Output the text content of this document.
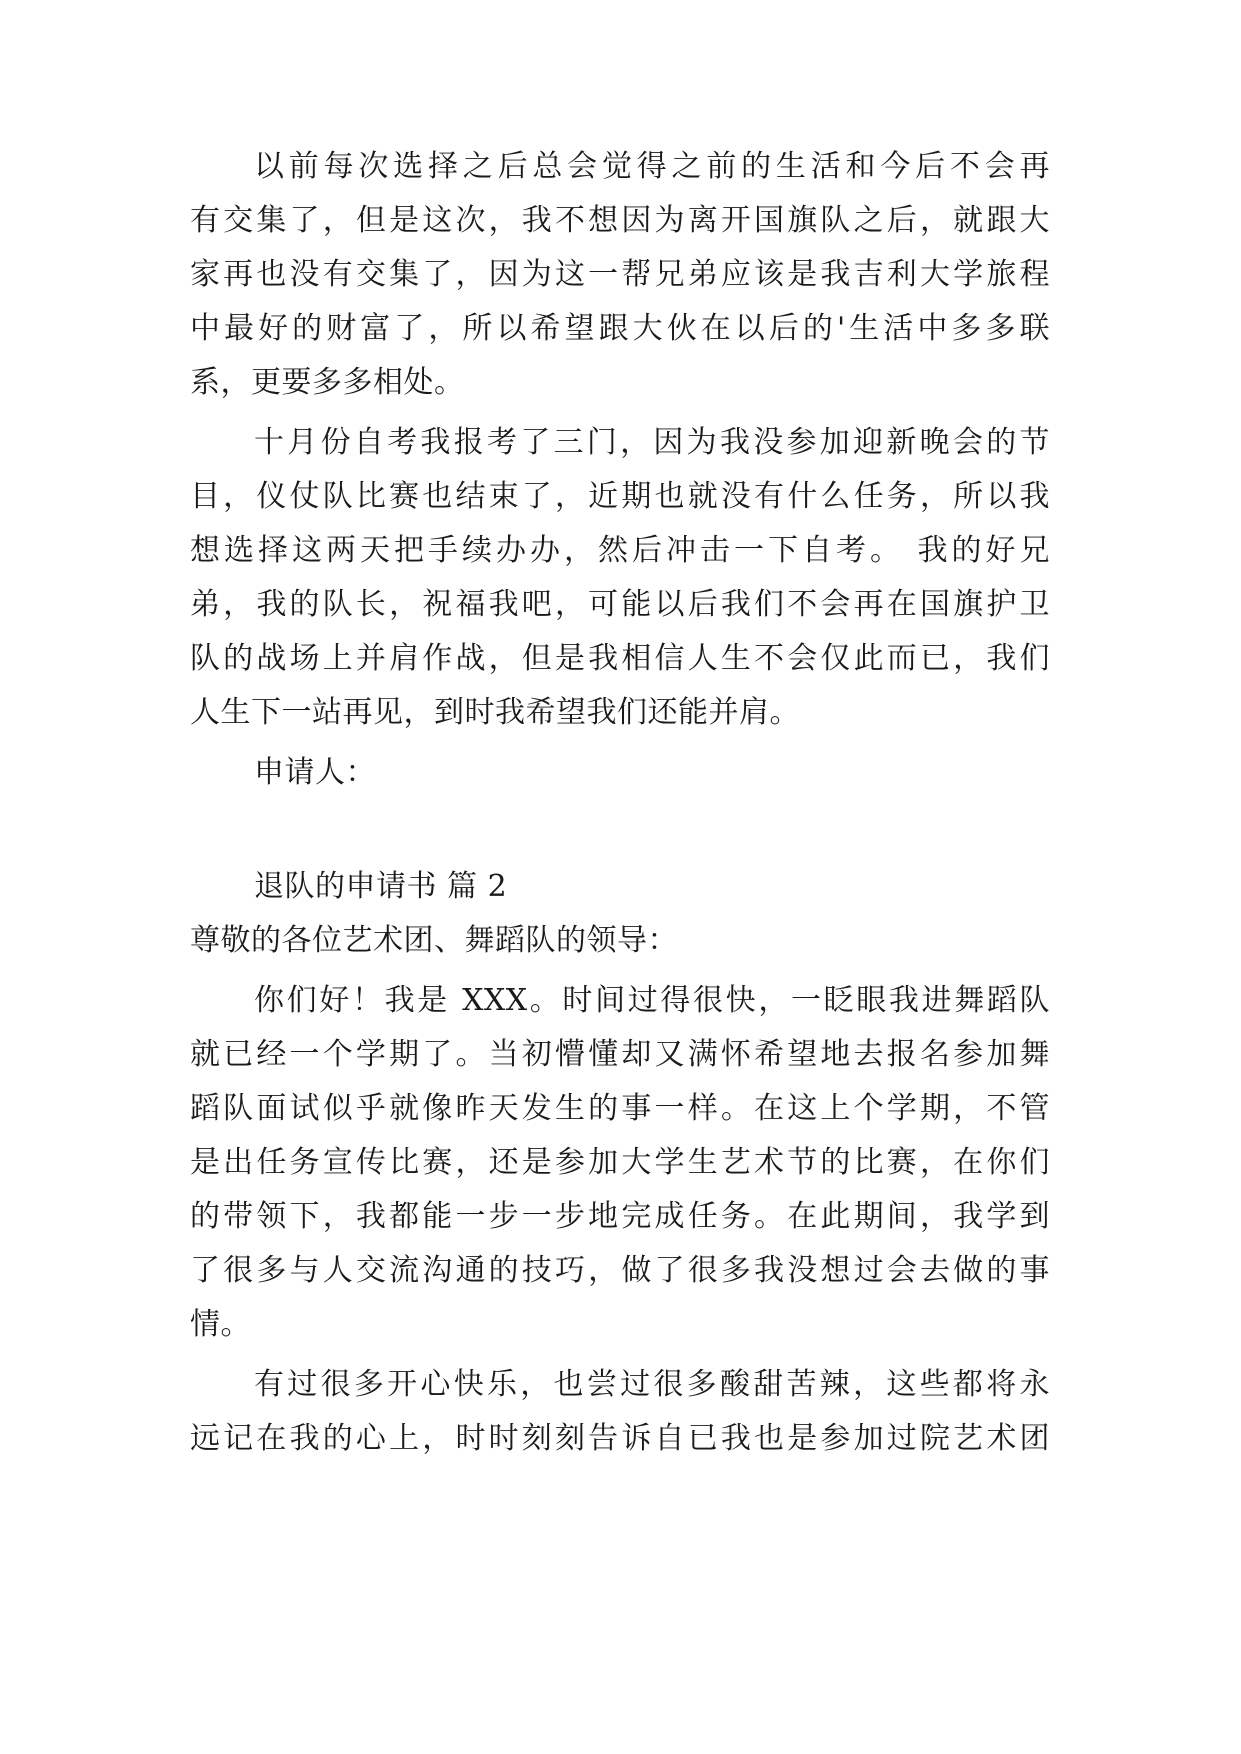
以前每次选择之后总会觉得之前的生活和今后不会再
有交集了，但是这次，我不想因为离开国旗队之后，就跟大
家再也没有交集了，因为这一帮兄弟应该是我吉利大学旅程
中最好的财富了，所以希望跟大伙在以后的'生活中多多联
系，更要多多相处。
十月份自考我报考了三门，因为我没参加迎新晚会的节
目，仪仗队比赛也结束了，近期也就没有什么任务，所以我
想选择这两天把手续办办，然后冲击一下自考。 我的好兄
弟，我的队长，祝福我吧，可能以后我们不会再在国旗护卫
队的战场上并肩作战，但是我相信人生不会仅此而已，我们
人生下一站再见，到时我希望我们还能并肩。
申请人：
退队的申请书 篇 2
尊敬的各位艺术团、舞蹈队的领导：
你们好！我是 XXX。时间过得很快，一眨眼我进舞蹈队
就已经一个学期了。当初懵懂却又满怀希望地去报名参加舞
蹈队面试似乎就像昨天发生的事一样。在这上个学期，不管
是出任务宣传比赛，还是参加大学生艺术节的比赛，在你们
的带领下，我都能一步一步地完成任务。在此期间，我学到
了很多与人交流沟通的技巧，做了很多我没想过会去做的事
情。
有过很多开心快乐，也尝过很多酸甜苦辣，这些都将永
远记在我的心上，时时刻刻告诉自已我也是参加过院艺术团
